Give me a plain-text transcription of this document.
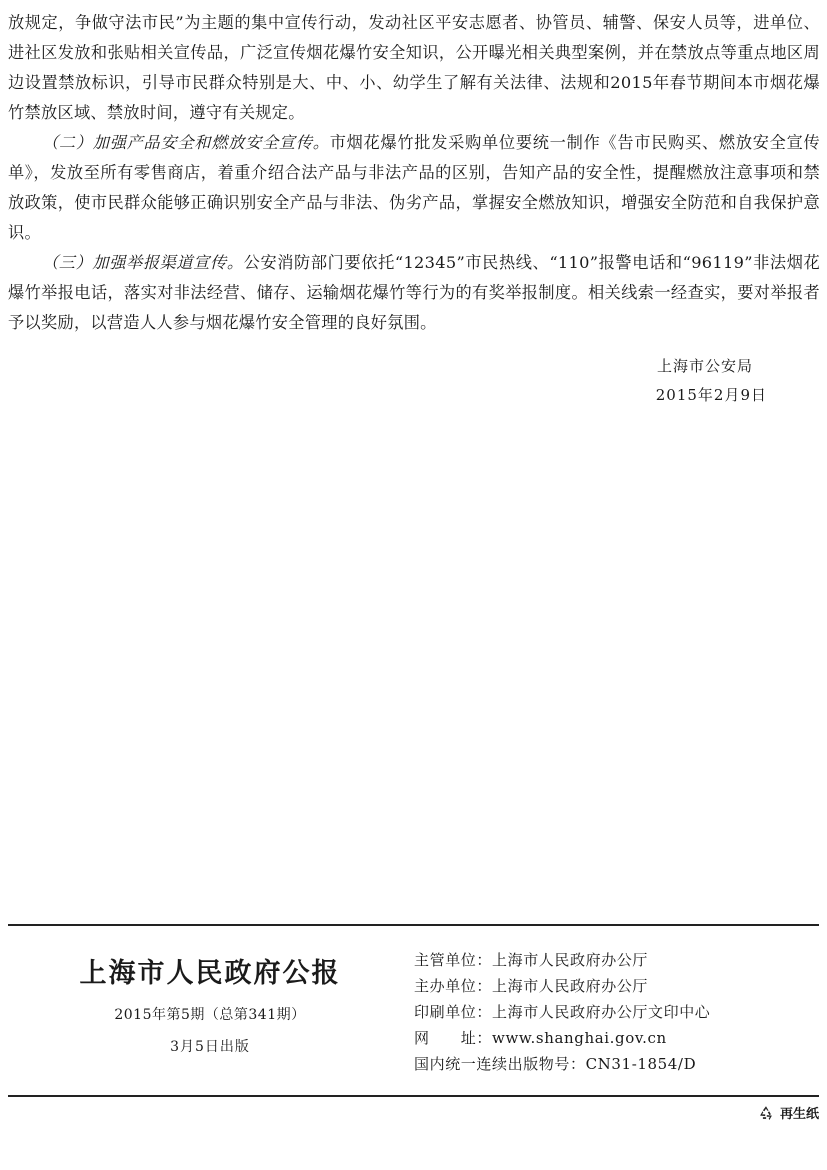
放规定，争做守法市民”为主题的集中宣传行动，发动社区平安志愿者、协管员、辅警、保安人员等，进单位、进社区发放和张贴相关宣传品，广泛宣传烟花爆竹安全知识，公开曝光相关典型案例，并在禁放点等重点地区周边设置禁放标识，引导市民群众特别是大、中、小、幼学生了解有关法律、法规和2015年春节期间本市烟花爆竹禁放区域、禁放时间，遵守有关规定。

（二）加强产品安全和燃放安全宣传。市烟花爆竹批发采购单位要统一制作《告市民购买、燃放安全宣传单》，发放至所有零售商店，着重介绍合法产品与非法产品的区别，告知产品的安全性，提醒燃放注意事项和禁放政策，使市民群众能够正确识别安全产品与非法、伪劣产品，掌握安全燃放知识，增强安全防范和自我保护意识。

（三）加强举报渠道宣传。公安消防部门要依托“12345”市民热线、“110”报警电话和“96119”非法烟花爆竹举报电话，落实对非法经营、储存、运输烟花爆竹等行为的有奖举报制度。相关线索一经查实，要对举报者予以奖励，以营造人人参与烟花爆竹安全管理的良好氛围。

上海市公安局
2015年2月9日
上海市人民政府公报
2015年第5期（总第341期）
3月5日出版
主管单位：上海市人民政府办公厅
主办单位：上海市人民政府办公厅
印刷单位：上海市人民政府办公厅文印中心
网　　址：www.shanghai.gov.cn
国内统一连续出版物号：CN31-1854/D
再生纸
